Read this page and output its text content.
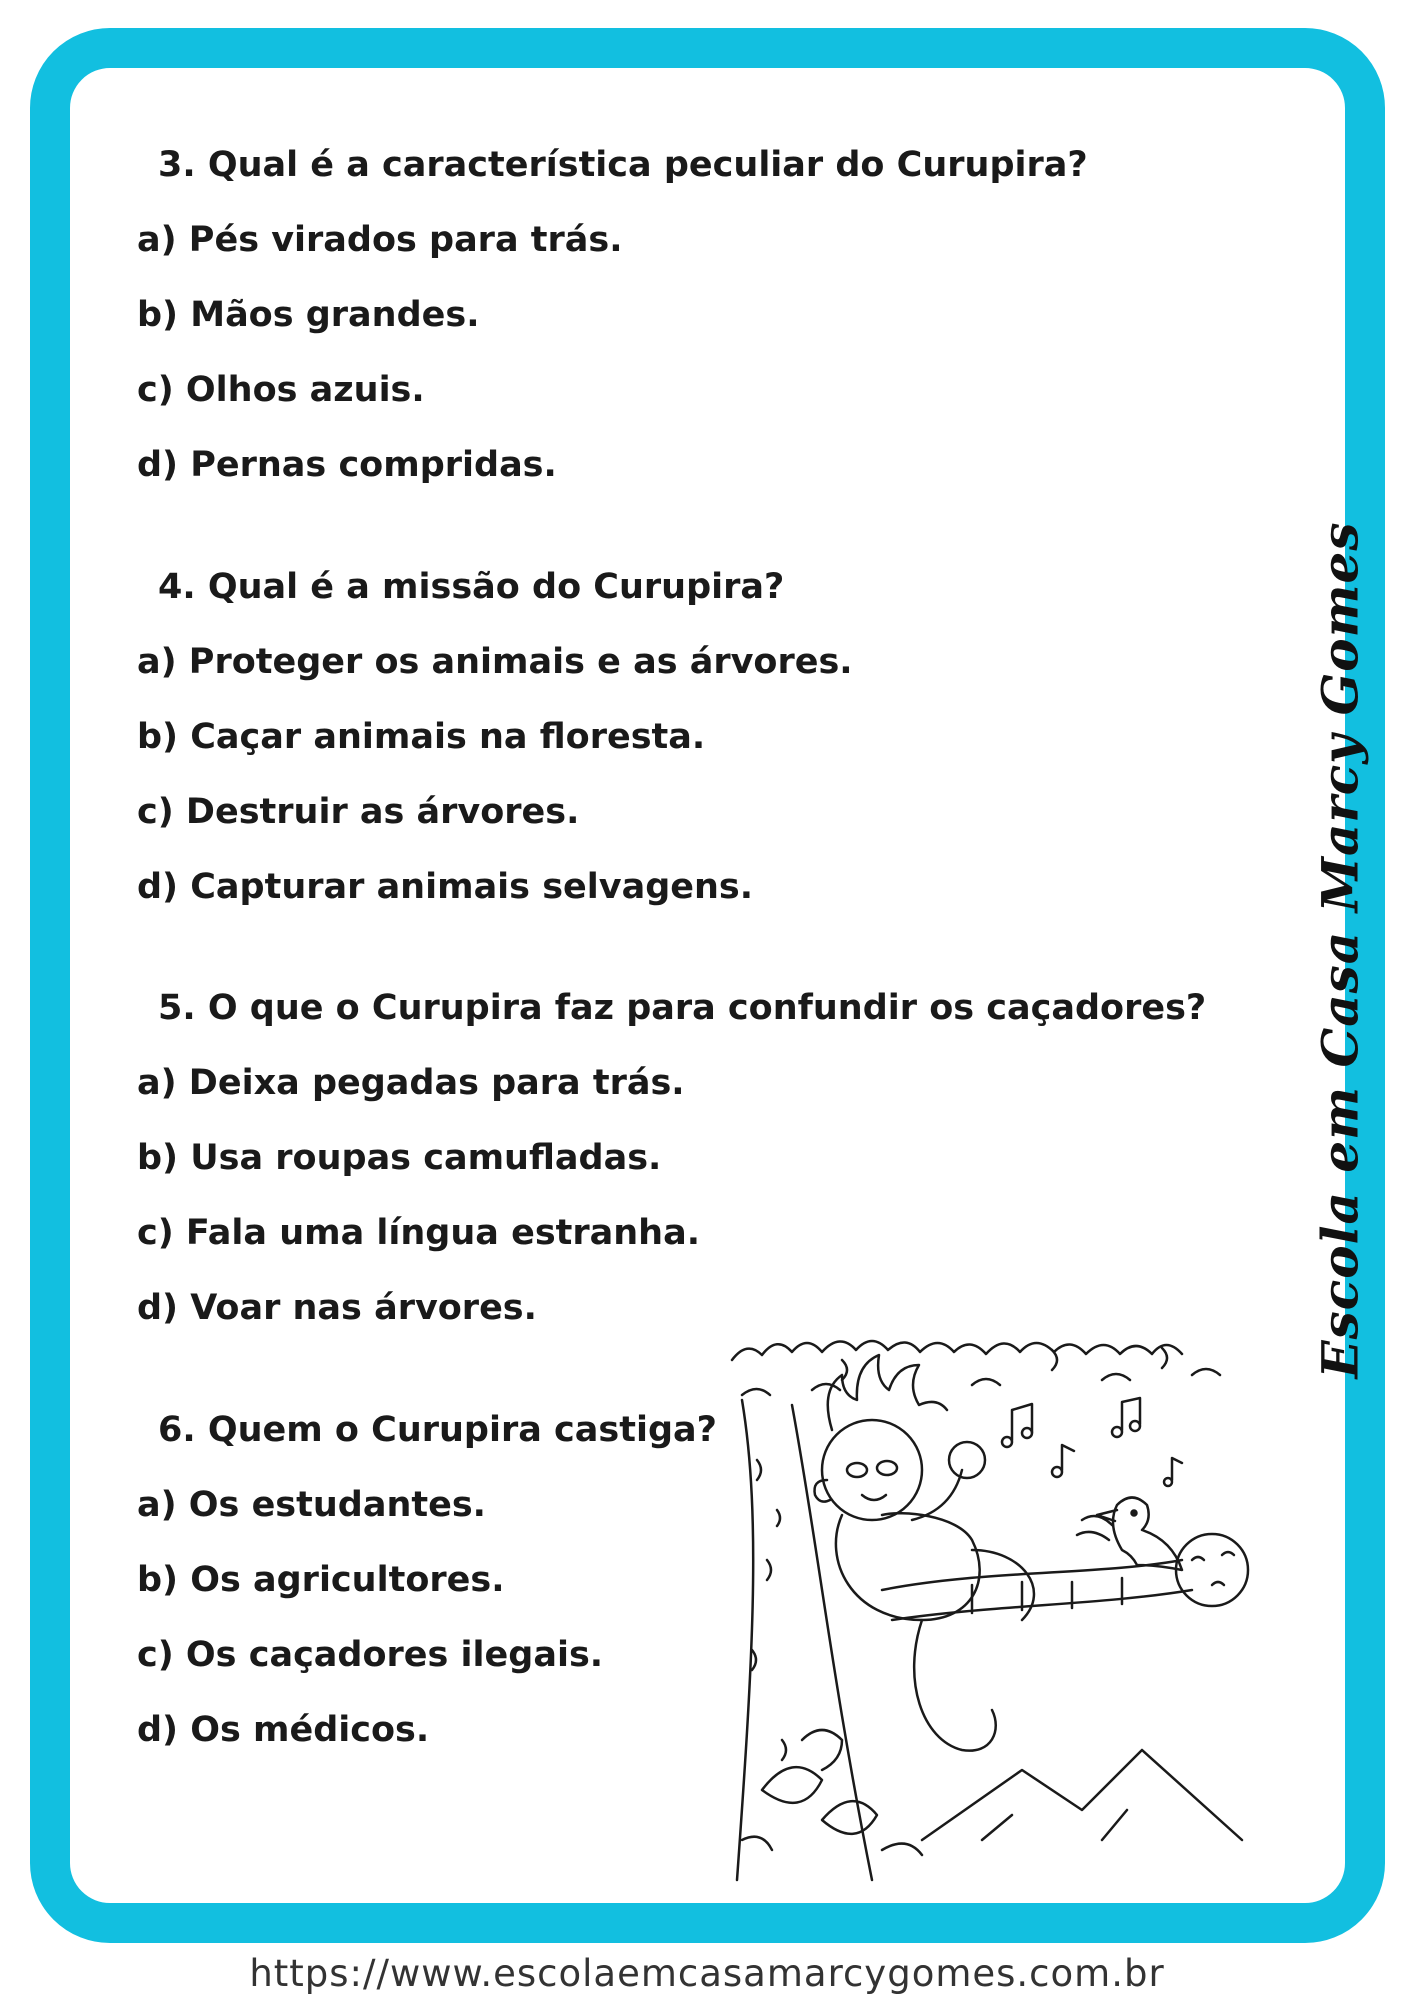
3. Qual é a característica peculiar do Curupira?

a) Pés virados para trás.

b) Mãos grandes.

c) Olhos azuis.

d) Pernas compridas.

4. Qual é a missão do Curupira?

a) Proteger os animais e as árvores.

b) Caçar animais na floresta.

c) Destruir as árvores.

d) Capturar animais selvagens.

5. O que o Curupira faz para confundir os caçadores?

a) Deixa pegadas para trás.

b) Usa roupas camufladas.

c) Fala uma língua estranha.

d) Voar nas árvores.

6. Quem o Curupira castiga?

a) Os estudantes.

b) Os agricultores.

c) Os caçadores ilegais.

d) Os médicos.

Escola em Casa Marcy Gomes
https://www.escolaemcasamarcygomes.com.br
